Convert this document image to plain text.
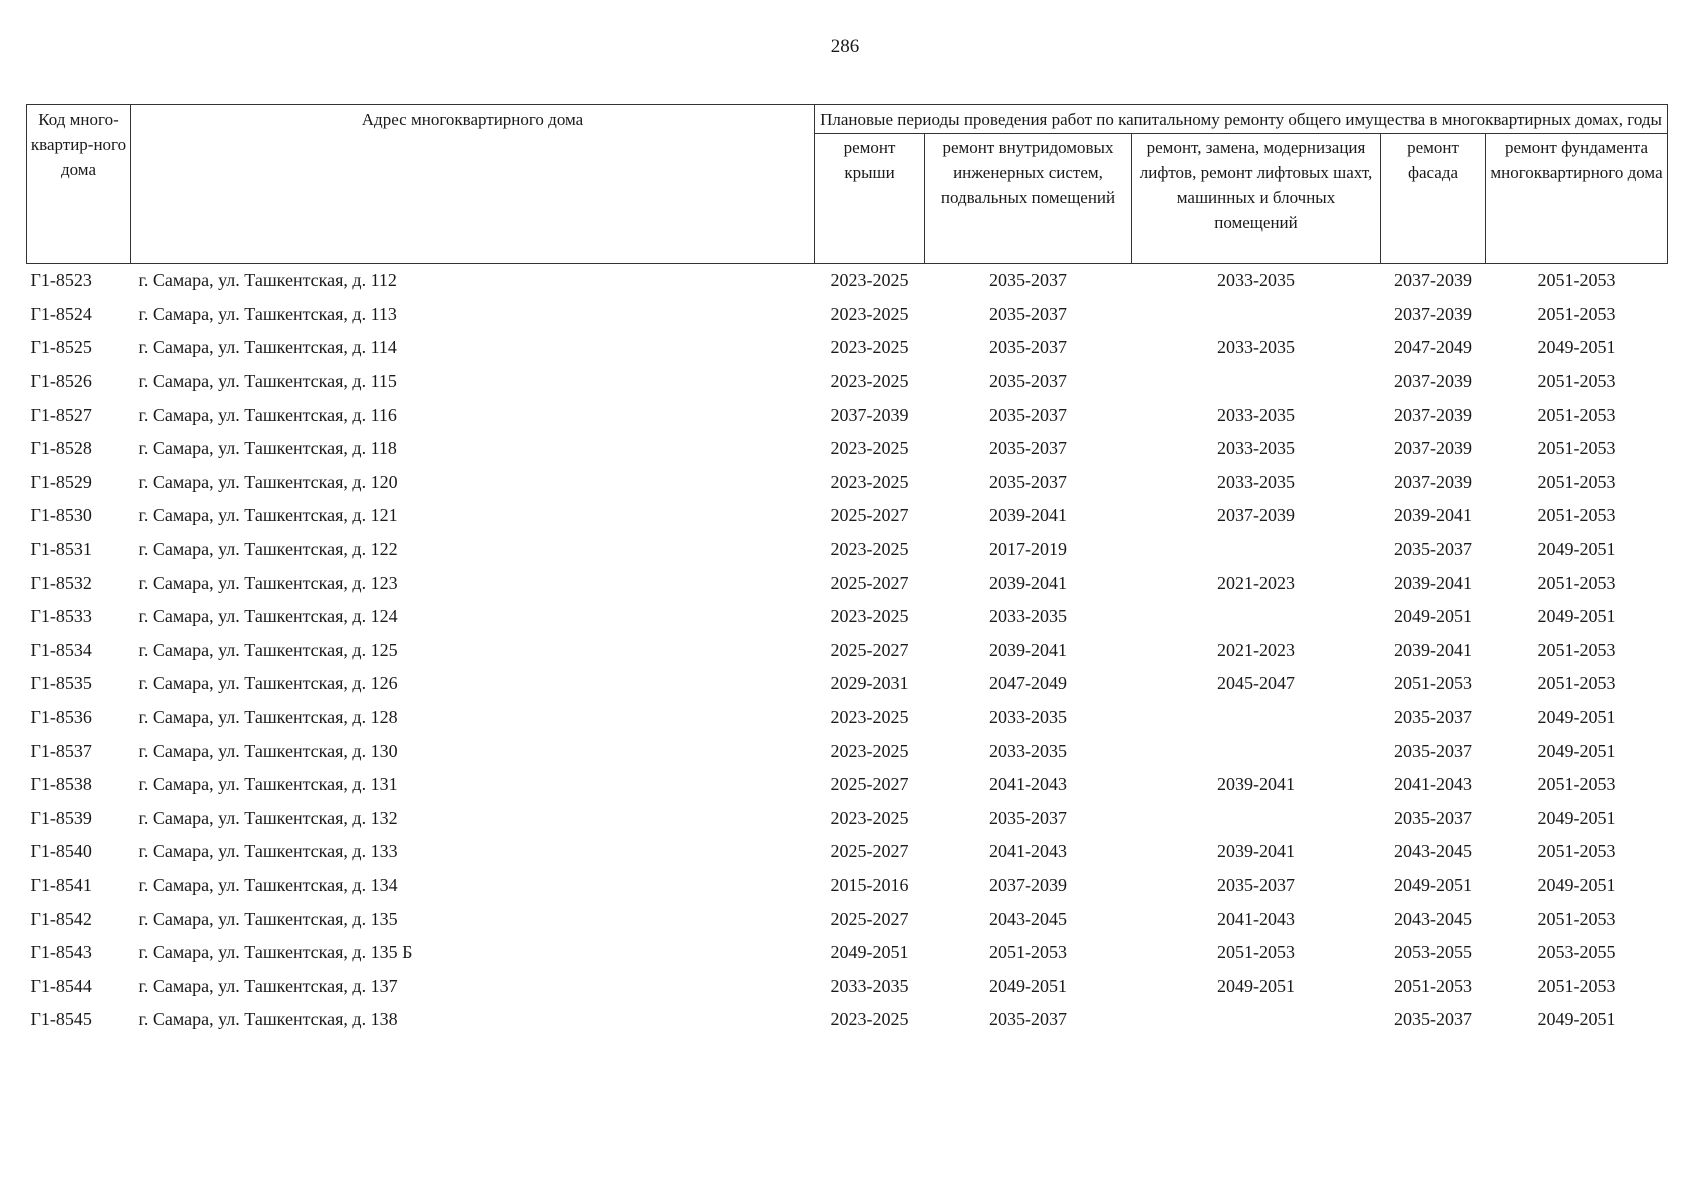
286
Код много-квартир-ного дома	Адрес многоквартирного дома	Плановые периоды проведения работ по капитальному ремонту общего имущества в многоквартирных домах, годы				
		ремонт крыши	ремонт внутридомовых инженерных систем, подвальных помещений	ремонт, замена, модернизация лифтов, ремонт лифтовых шахт, машинных и блочных помещений	ремонт фасада	ремонт фундамента многоквартирного дома
Г1-8523	г. Самара, ул. Ташкентская, д. 112	2023-2025	2035-2037	2033-2035	2037-2039	2051-2053
Г1-8524	г. Самара, ул. Ташкентская, д. 113	2023-2025	2035-2037		2037-2039	2051-2053
Г1-8525	г. Самара, ул. Ташкентская, д. 114	2023-2025	2035-2037	2033-2035	2047-2049	2049-2051
Г1-8526	г. Самара, ул. Ташкентская, д. 115	2023-2025	2035-2037		2037-2039	2051-2053
Г1-8527	г. Самара, ул. Ташкентская, д. 116	2037-2039	2035-2037	2033-2035	2037-2039	2051-2053
Г1-8528	г. Самара, ул. Ташкентская, д. 118	2023-2025	2035-2037	2033-2035	2037-2039	2051-2053
Г1-8529	г. Самара, ул. Ташкентская, д. 120	2023-2025	2035-2037	2033-2035	2037-2039	2051-2053
Г1-8530	г. Самара, ул. Ташкентская, д. 121	2025-2027	2039-2041	2037-2039	2039-2041	2051-2053
Г1-8531	г. Самара, ул. Ташкентская, д. 122	2023-2025	2017-2019		2035-2037	2049-2051
Г1-8532	г. Самара, ул. Ташкентская, д. 123	2025-2027	2039-2041	2021-2023	2039-2041	2051-2053
Г1-8533	г. Самара, ул. Ташкентская, д. 124	2023-2025	2033-2035		2049-2051	2049-2051
Г1-8534	г. Самара, ул. Ташкентская, д. 125	2025-2027	2039-2041	2021-2023	2039-2041	2051-2053
Г1-8535	г. Самара, ул. Ташкентская, д. 126	2029-2031	2047-2049	2045-2047	2051-2053	2051-2053
Г1-8536	г. Самара, ул. Ташкентская, д. 128	2023-2025	2033-2035		2035-2037	2049-2051
Г1-8537	г. Самара, ул. Ташкентская, д. 130	2023-2025	2033-2035		2035-2037	2049-2051
Г1-8538	г. Самара, ул. Ташкентская, д. 131	2025-2027	2041-2043	2039-2041	2041-2043	2051-2053
Г1-8539	г. Самара, ул. Ташкентская, д. 132	2023-2025	2035-2037		2035-2037	2049-2051
Г1-8540	г. Самара, ул. Ташкентская, д. 133	2025-2027	2041-2043	2039-2041	2043-2045	2051-2053
Г1-8541	г. Самара, ул. Ташкентская, д. 134	2015-2016	2037-2039	2035-2037	2049-2051	2049-2051
Г1-8542	г. Самара, ул. Ташкентская, д. 135	2025-2027	2043-2045	2041-2043	2043-2045	2051-2053
Г1-8543	г. Самара, ул. Ташкентская, д. 135 Б	2049-2051	2051-2053	2051-2053	2053-2055	2053-2055
Г1-8544	г. Самара, ул. Ташкентская, д. 137	2033-2035	2049-2051	2049-2051	2051-2053	2051-2053
Г1-8545	г. Самара, ул. Ташкентская, д. 138	2023-2025	2035-2037		2035-2037	2049-2051
